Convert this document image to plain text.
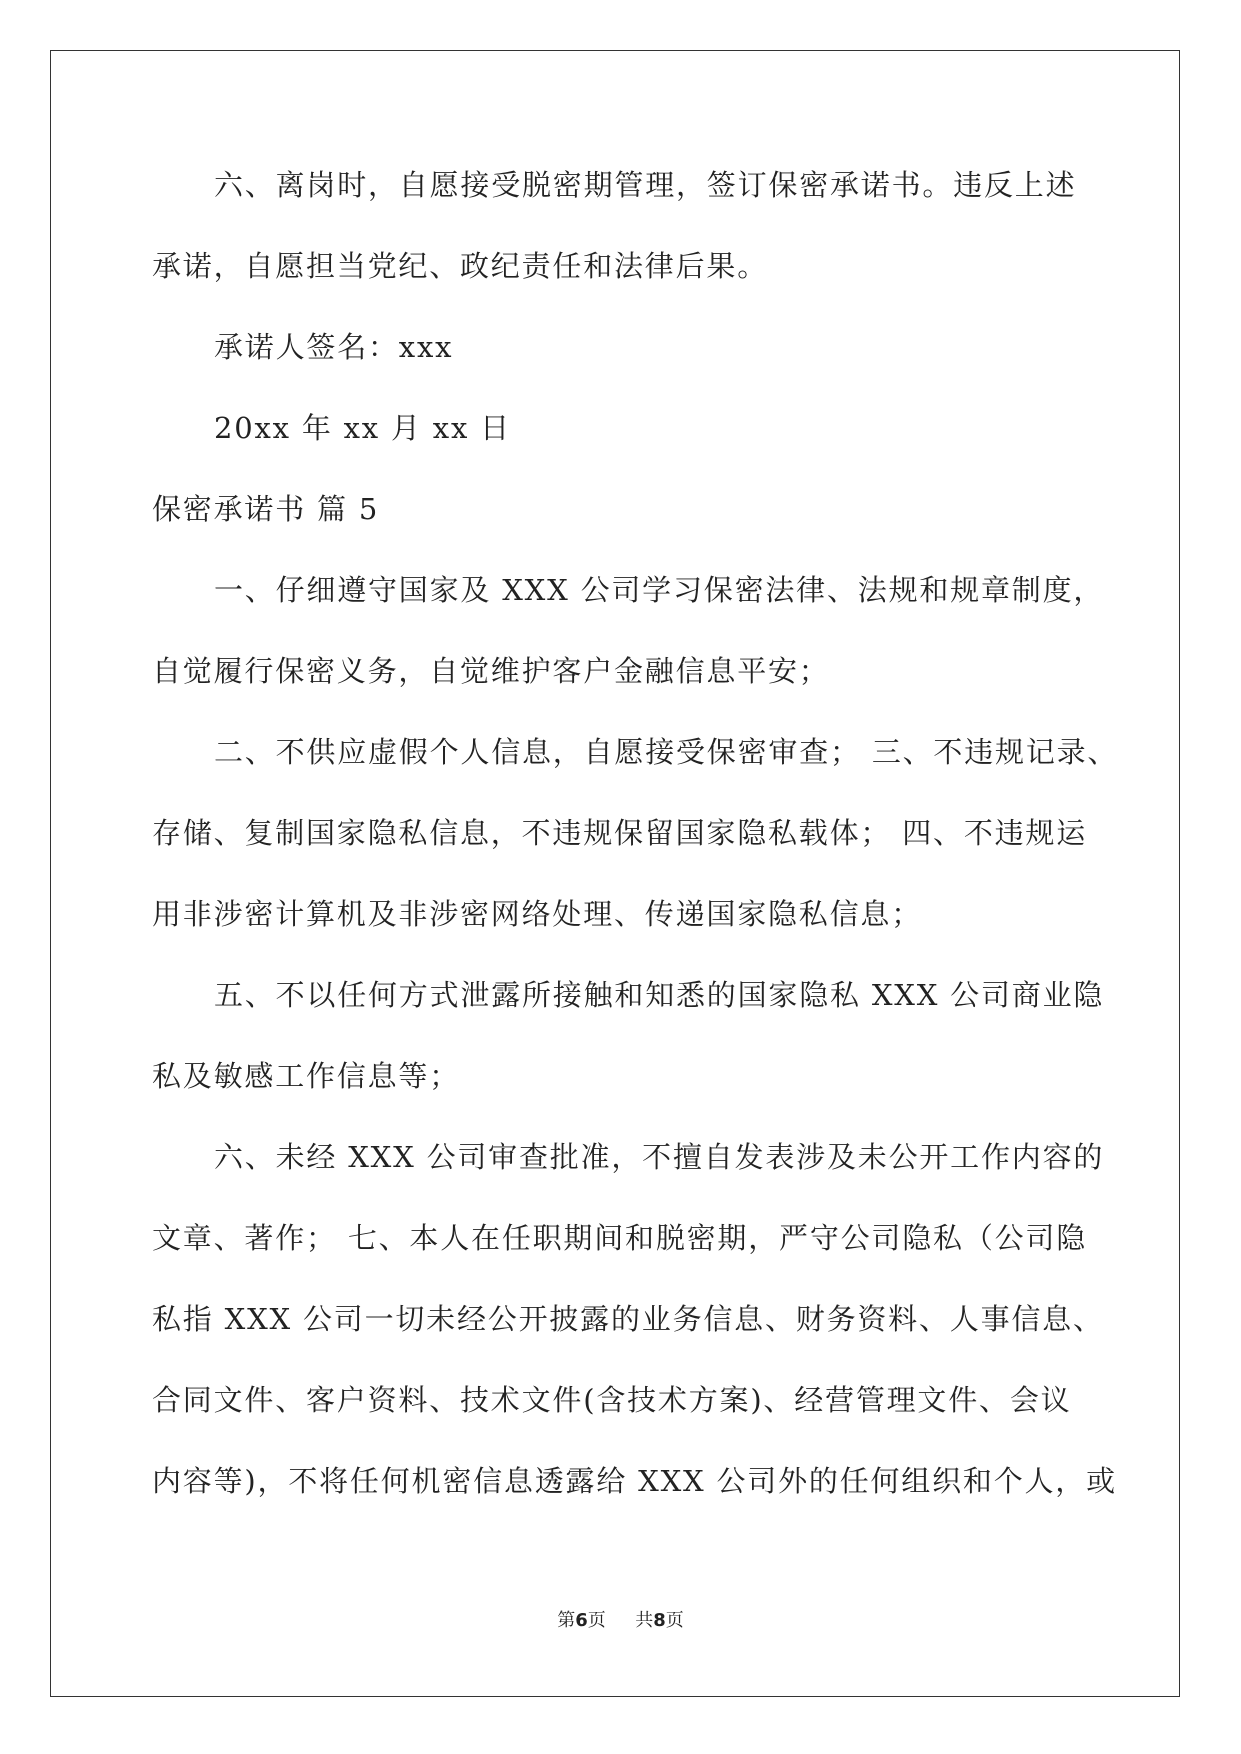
六、离岗时，自愿接受脱密期管理，签订保密承诺书。违反上述
承诺，自愿担当党纪、政纪责任和法律后果。
承诺人签名：xxx
20xx 年 xx 月 xx 日
保密承诺书 篇 5
一、仔细遵守国家及 XXX 公司学习保密法律、法规和规章制度，
自觉履行保密义务，自觉维护客户金融信息平安；
二、不供应虚假个人信息，自愿接受保密审查； 三、不违规记录、
存储、复制国家隐私信息，不违规保留国家隐私载体； 四、不违规运
用非涉密计算机及非涉密网络处理、传递国家隐私信息；
五、不以任何方式泄露所接触和知悉的国家隐私 XXX 公司商业隐
私及敏感工作信息等；
六、未经 XXX 公司审查批准，不擅自发表涉及未公开工作内容的
文章、著作； 七、本人在任职期间和脱密期，严守公司隐私（公司隐
私指 XXX 公司一切未经公开披露的业务信息、财务资料、人事信息、
合同文件、客户资料、技术文件(含技术方案)、经营管理文件、会议
内容等)，不将任何机密信息透露给 XXX 公司外的任何组织和个人，或
第6页 共8页
